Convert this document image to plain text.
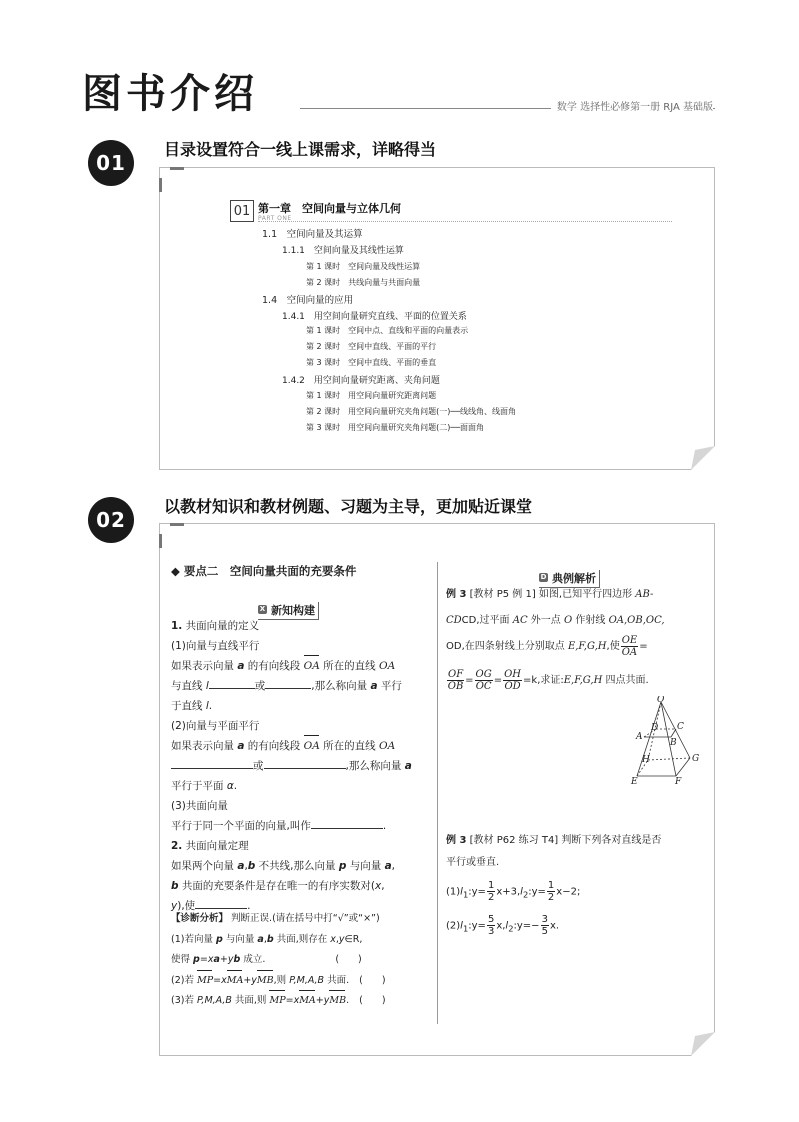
图书介绍	数学 选择性必修第一册 RJA 基础版
01
目录设置符合一线上课需求，详略得当
01 第一章　空间向量与立体几何
PART ONE
1.1　空间向量及其运算
1.1.1　空间向量及其线性运算
第 1 课时　空间向量及线性运算
第 2 课时　共线向量与共面向量
1.4　空间向量的应用
1.4.1　用空间向量研究直线、平面的位置关系
第 1 课时　空间中点、直线和平面的向量表示
第 2 课时　空间中直线、平面的平行
第 3 课时　空间中直线、平面的垂直
1.4.2　用空间向量研究距离、夹角问题
第 1 课时　用空间向量研究距离问题
第 2 课时　用空间向量研究夹角问题(一)──线线角、线面角
第 3 课时　用空间向量研究夹角问题(二)──面面角
02
以教材知识和教材例题、习题为主导，更加贴近课堂
◆ 要点二　空间向量共面的充要条件
X 新知构建

1. 共面向量的定义

(1)向量与直线平行

如果表示向量 a 的有向线段 OA 所在的直线 OA

与直线 l	或	,那么称向量 a 平行

于直线 l.

(2)向量与平面平行

如果表示向量 a 的有向线段 OA 所在的直线 OA

或	,那么称向量 a

平行于平面 α.

(3)共面向量

平行于同一个平面的向量,叫作	.

2. 共面向量定理

如果两个向量 a,b 不共线,那么向量 p 与向量 a,

b 共面的充要条件是存在唯一的有序实数对(x,

y),使	.

【诊断分析】 判断正误.(请在括号中打“√”或“×”)

(1)若向量 p 与向量 a,b 共面,则存在 x,y∈R,

使得 p=xa+yb 成立.	(　　)

(2)若 MP=xMA+yMB,则 P,M,A,B 共面. (　　)

(3)若 P,M,A,B 共面,则 MP=xMA+yMB. (　　)

D 典例解析

例 3 [教材 P5 例 1] 如图,已知平行四边形 AB-

CDCD,过平面 AC 外一点 O 作射线 OA,OB,OC,

OD,在四条射线上分别取点 E,F,G,H,使 $\frac{OE}{OA}$ =

$\frac{OF}{OB} = \frac{OG}{OC} = \frac{OH}{OD} =k$,求证:E,F,G,H 四点共面.

O
D C
A
B
H	G
E	F

例 3 [教材 P62 练习 T4] 判断下列各对直线是否

平行或垂直.

$(1)l_1:y= \frac{1}{2}$ $x+3,l_2:y= \frac{1}{2} x-2$;

$(2)l_1:y= \frac{5}{3}$ $x,l_2:y=- \frac{3}{5} x$.
